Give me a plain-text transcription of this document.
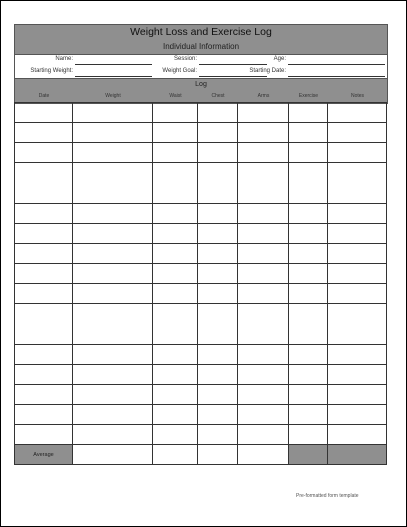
Weight Loss and Exercise Log
Individual Information
Name:	Session:	Age:
Starting Weight:	Weight Goal:	Starting Date:
Log
Date	Weight	Waist	Chest	Arms	Exercise	Notes

Average						
Pre-formatted form template
